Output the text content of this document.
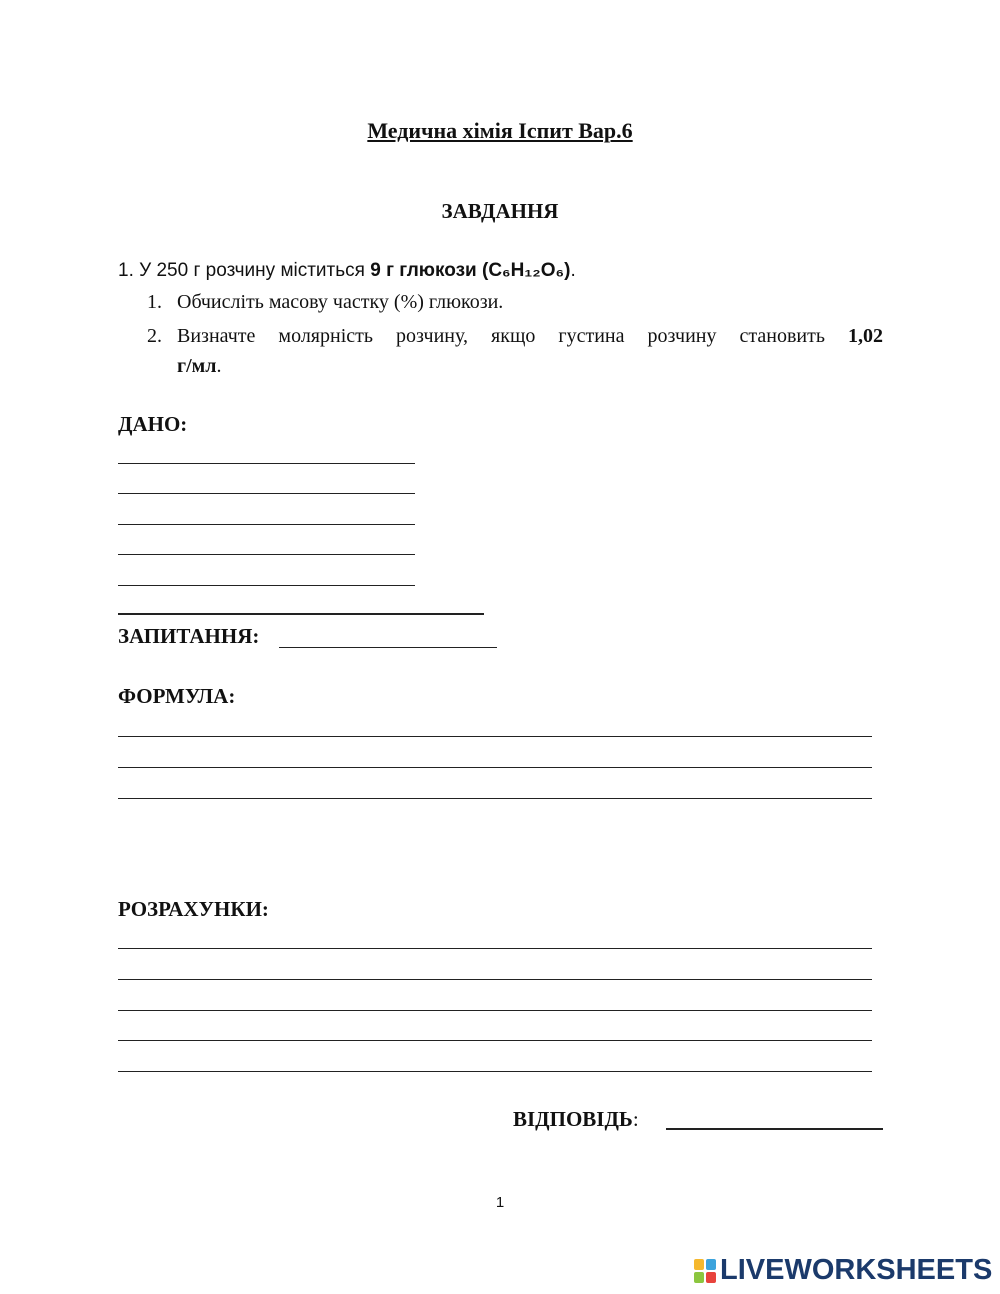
Медична хімія Іспит Вар.6
ЗАВДАННЯ
1. У 250 г розчину міститься 9 г глюкози (C₆H₁₂O₆).
1. Обчисліть масову частку (%) глюкози.
2. Визначте молярність розчину, якщо густина розчину становить 1,02
г/мл.
ДАНО:
ЗАПИТАННЯ:
ФОРМУЛА:
РОЗРАХУНКИ:
ВІДПОВІДЬ:
1
LIVEWORKSHEETS
